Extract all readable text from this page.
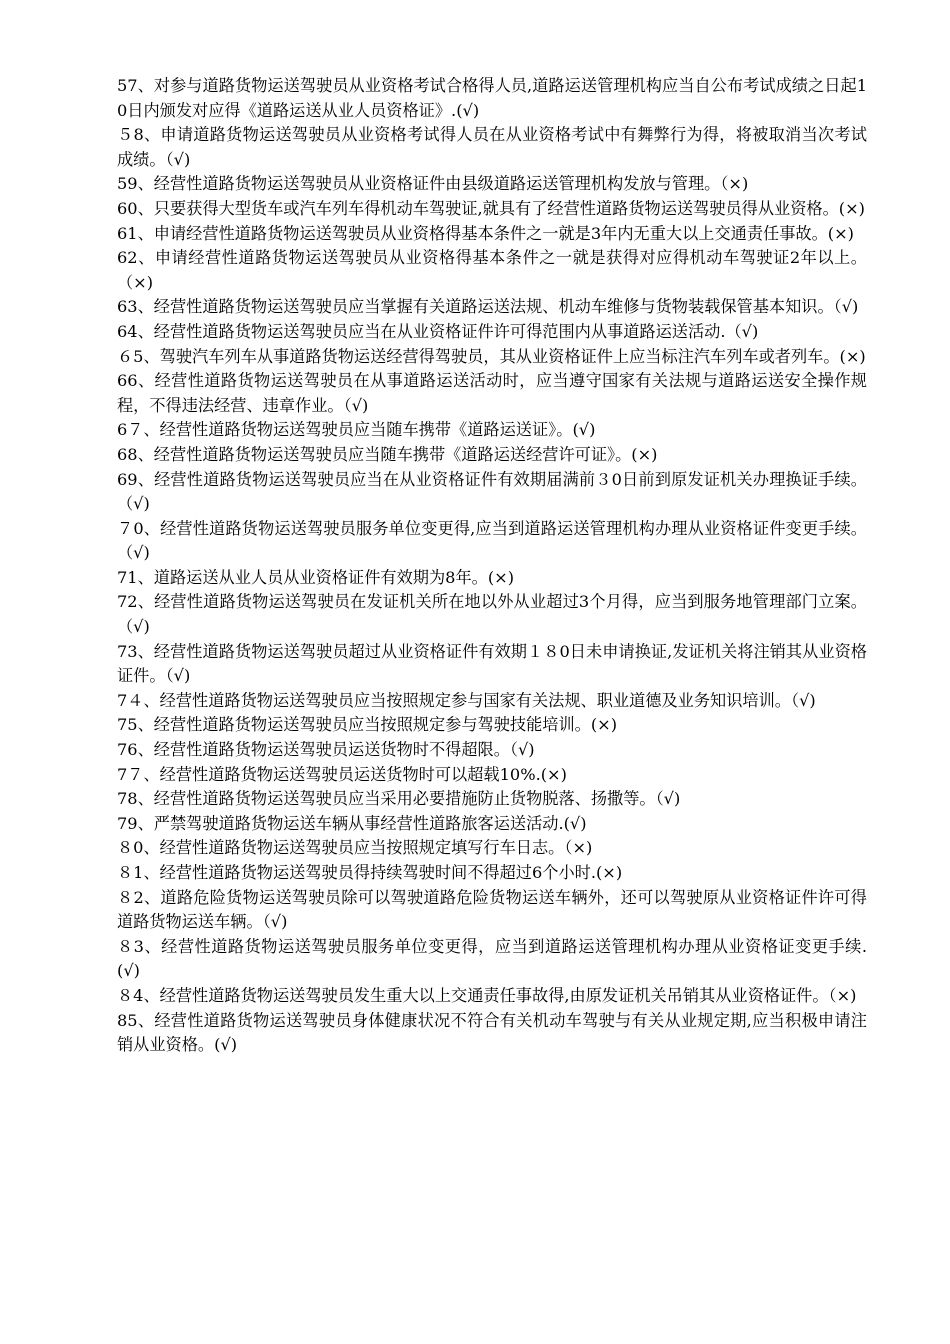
57、对参与道路货物运送驾驶员从业资格考试合格得人员,道路运送管理机构应当自公布考试成绩之日起10日内颁发对应得《道路运送从业人员资格证》.(√)

５8、申请道路货物运送驾驶员从业资格考试得人员在从业资格考试中有舞弊行为得，将被取消当次考试成绩。（√)

59、经营性道路货物运送驾驶员从业资格证件由县级道路运送管理机构发放与管理。（×)

60、只要获得大型货车或汽车列车得机动车驾驶证,就具有了经营性道路货物运送驾驶员得从业资格。(×)

61、申请经营性道路货物运送驾驶员从业资格得基本条件之一就是3年内无重大以上交通责任事故。(×)

62、申请经营性道路货物运送驾驶员从业资格得基本条件之一就是获得对应得机动车驾驶证2年以上。（×)

63、经营性道路货物运送驾驶员应当掌握有关道路运送法规、机动车维修与货物装载保管基本知识。（√)

64、经营性道路货物运送驾驶员应当在从业资格证件许可得范围内从事道路运送活动.（√)

６5、驾驶汽车列车从事道路货物运送经营得驾驶员，其从业资格证件上应当标注汽车列车或者列车。(×)

66、经营性道路货物运送驾驶员在从事道路运送活动时，应当遵守国家有关法规与道路运送安全操作规程，不得违法经营、违章作业。（√)

6７、经营性道路货物运送驾驶员应当随车携带《道路运送证》。(√)

68、经营性道路货物运送驾驶员应当随车携带《道路运送经营许可证》。(×)

69、经营性道路货物运送驾驶员应当在从业资格证件有效期届满前３0日前到原发证机关办理换证手续。（√)

７0、经营性道路货物运送驾驶员服务单位变更得,应当到道路运送管理机构办理从业资格证件变更手续。（√)

71、道路运送从业人员从业资格证件有效期为8年。(×)

72、经营性道路货物运送驾驶员在发证机关所在地以外从业超过3个月得，应当到服务地管理部门立案。（√)

73、经营性道路货物运送驾驶员超过从业资格证件有效期１８0日未申请换证,发证机关将注销其从业资格证件。（√)

7４、经营性道路货物运送驾驶员应当按照规定参与国家有关法规、职业道德及业务知识培训。（√)

75、经营性道路货物运送驾驶员应当按照规定参与驾驶技能培训。(×)

76、经营性道路货物运送驾驶员运送货物时不得超限。（√)

7７、经营性道路货物运送驾驶员运送货物时可以超载10%.(×)

78、经营性道路货物运送驾驶员应当采用必要措施防止货物脱落、扬撒等。（√)

79、严禁驾驶道路货物运送车辆从事经营性道路旅客运送活动.(√)

８0、经营性道路货物运送驾驶员应当按照规定填写行车日志。（×)

８1、经营性道路货物运送驾驶员得持续驾驶时间不得超过6个小时.(×)

８2、道路危险货物运送驾驶员除可以驾驶道路危险货物运送车辆外，还可以驾驶原从业资格证件许可得道路货物运送车辆。（√)

８3、经营性道路货物运送驾驶员服务单位变更得，应当到道路运送管理机构办理从业资格证变更手续.(√)

８4、经营性道路货物运送驾驶员发生重大以上交通责任事故得,由原发证机关吊销其从业资格证件。（×)

85、经营性道路货物运送驾驶员身体健康状况不符合有关机动车驾驶与有关从业规定期,应当积极申请注销从业资格。(√)
